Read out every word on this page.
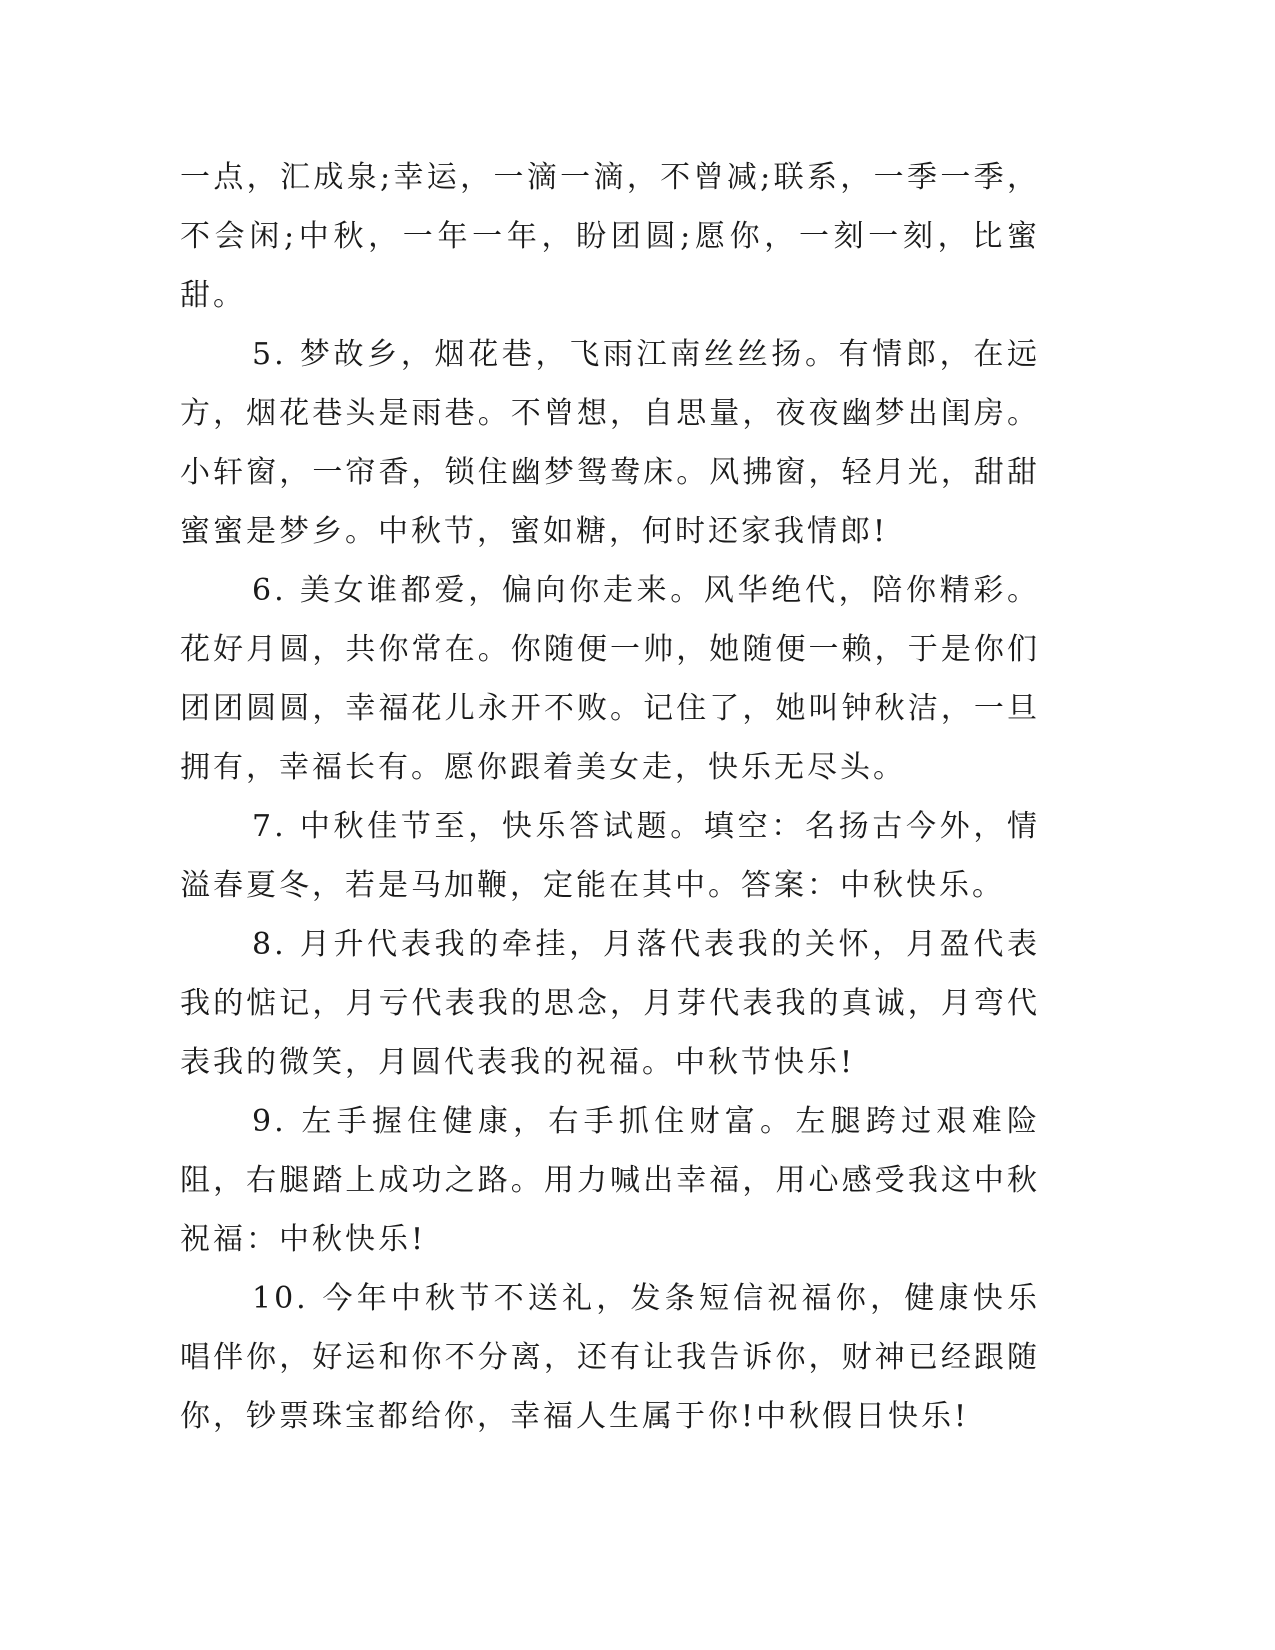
一点，汇成泉;幸运，一滴一滴，不曾减;联系，一季一季，不会闲;中秋，一年一年，盼团圆;愿你，一刻一刻，比蜜甜。

5. 梦故乡，烟花巷，飞雨江南丝丝扬。有情郎，在远方，烟花巷头是雨巷。不曾想，自思量，夜夜幽梦出闺房。小轩窗，一帘香，锁住幽梦鸳鸯床。风拂窗，轻月光，甜甜蜜蜜是梦乡。中秋节，蜜如糖，何时还家我情郎!

6. 美女谁都爱，偏向你走来。风华绝代，陪你精彩。花好月圆，共你常在。你随便一帅，她随便一赖，于是你们团团圆圆，幸福花儿永开不败。记住了，她叫钟秋洁，一旦拥有，幸福长有。愿你跟着美女走，快乐无尽头。

7. 中秋佳节至，快乐答试题。填空：名扬古今外，情溢春夏冬，若是马加鞭，定能在其中。答案：中秋快乐。

8. 月升代表我的牵挂，月落代表我的关怀，月盈代表我的惦记，月亏代表我的思念，月芽代表我的真诚，月弯代表我的微笑，月圆代表我的祝福。中秋节快乐!

9. 左手握住健康，右手抓住财富。左腿跨过艰难险阻，右腿踏上成功之路。用力喊出幸福，用心感受我这中秋祝福：中秋快乐!

10. 今年中秋节不送礼，发条短信祝福你，健康快乐唱伴你，好运和你不分离，还有让我告诉你，财神已经跟随你，钞票珠宝都给你，幸福人生属于你!中秋假日快乐!
